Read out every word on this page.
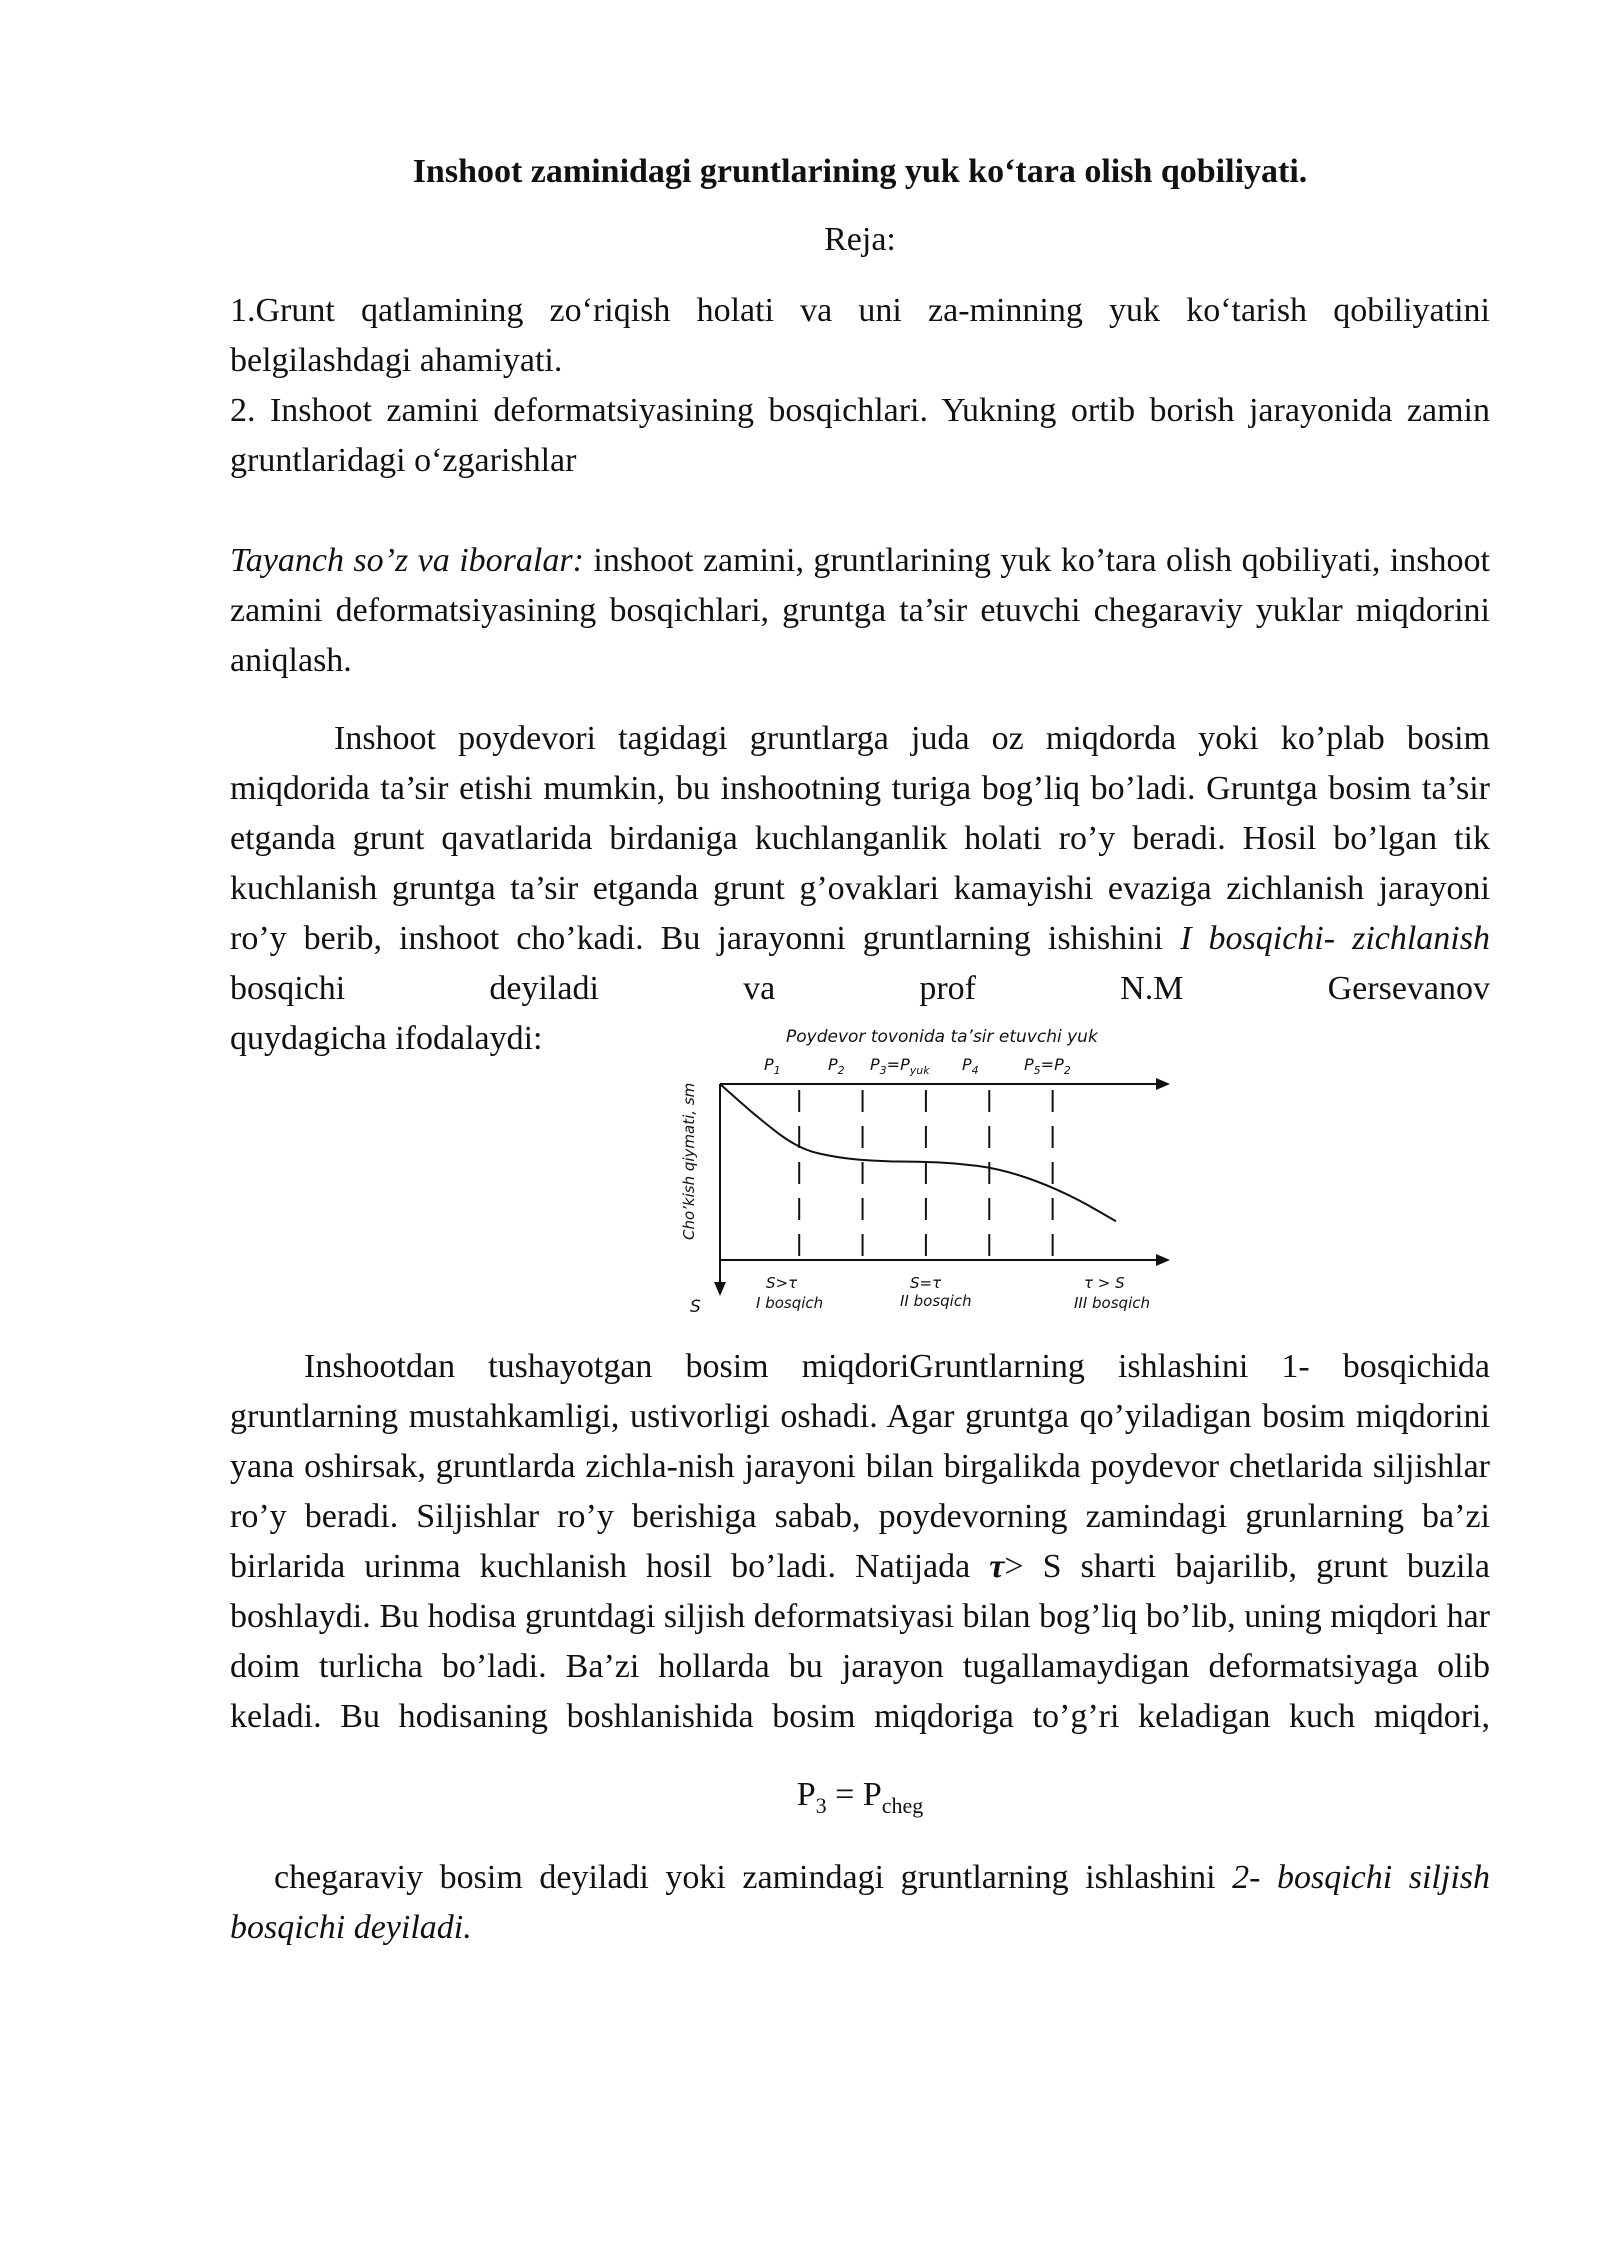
Inshoot zaminidagi gruntlarining yuk ko‘tara olish qobiliyati.
Reja:

1.Grunt qatlamining zo‘riqish holati va uni za-minning yuk ko‘tarish qobiliyatini belgilashdagi ahamiyati.

2. Inshoot zamini deformatsiyasining bosqichlari. Yukning ortib borish jarayonida zamin gruntlaridagi o‘zgarishlar

Tayanch so’z va iboralar: inshoot zamini, gruntlarining yuk ko’tara olish qobiliyati, inshoot zamini deformatsiyasining bosqichlari, gruntga ta’sir etuvchi chegaraviy yuklar miqdorini aniqlash.

Inshoot poydevori tagidagi gruntlarga juda oz miqdorda yoki ko’plab bosim miqdorida ta’sir etishi mumkin, bu inshootning turiga bog’liq bo’ladi. Gruntga bosim ta’sir etganda grunt qavatlarida birdaniga kuchlanganlik holati ro’y beradi. Hosil bo’lgan tik kuchlanish gruntga ta’sir etganda grunt g’ovaklari kamayishi evaziga zichlanish jarayoni ro’y berib, inshoot cho’kadi. Bu jarayonni gruntlarning ishishini I bosqichi- zichlanish bosqichi deyiladi va prof N.M Gersevanov

quydagicha ifodalaydi:	Poydevor tovonida ta’sir etuvchi yuk
$P_1$	$P_2$ $P_3=P_{yuk}$ $P_4$	$P_5=P_2$
Cho’kish qiymati, sm
S
S>τ
I bosqich
S=τ
II bosqich
τ > S
III bosqich

Inshootdan tushayotgan bosim miqdoriGruntlarning ishlashini 1- bosqichida gruntlarning mustahkamligi, ustivorligi oshadi. Agar gruntga qo’yiladigan bosim miqdorini yana oshirsak, gruntlarda zichla-nish jarayoni bilan birgalikda poydevor chetlarida siljishlar ro’y beradi. Siljishlar ro’y berishiga sabab, poydevorning zamindagi grunlarning ba’zi birlarida urinma kuchlanish hosil bo’ladi. Natijada τ> S sharti bajarilib, grunt buzila boshlaydi. Bu hodisa gruntdagi siljish deformatsiyasi bilan bog’liq bo’lib, uning miqdori har doim turlicha bo’ladi. Ba’zi hollarda bu jarayon tugallamaydigan deformatsiyaga olib keladi. Bu hodisaning boshlanishida bosim miqdoriga to’g’ri keladigan kuch miqdori,

$P_3 = P_{cheg}$

chegaraviy bosim deyiladi yoki zamindagi gruntlarning ishlashini 2- bosqichi siljish bosqichi deyiladi.
